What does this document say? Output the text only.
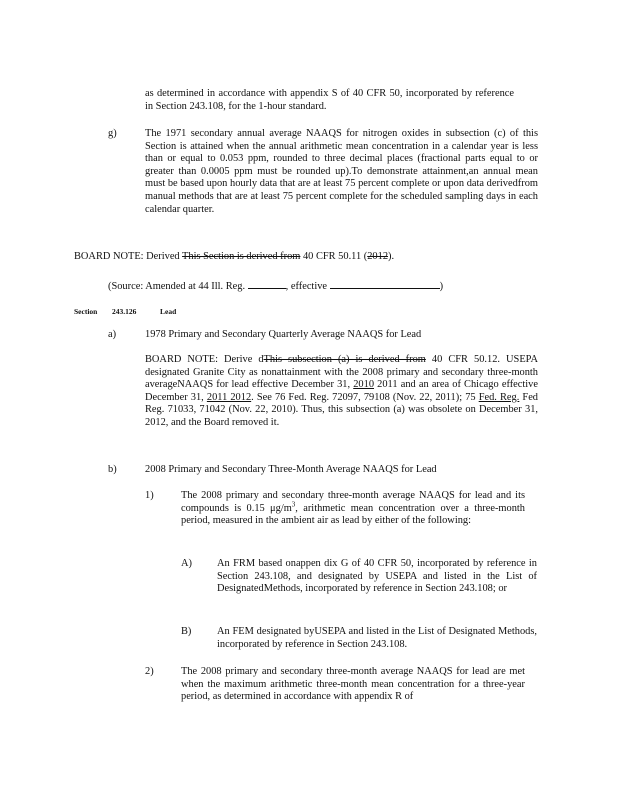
as determined in accordance with appendix S of 40 CFR 50, incorporated by reference in Section 243.108, for the 1-hour standard.

g)	The 1971 secondary annual average NAAQS for nitrogen oxides in subsection (c) of this Section is attained when the annual arithmetic mean concentration in a calendar year is less than or equal to 0.053 ppm, rounded to three decimal places (fractional parts equal to or greater than 0.0005 ppm must be rounded up).To demonstrate attainment,an annual mean must be based upon hourly data that are at least 75 percent complete or upon data derivedfrom manual methods that are at least 75 percent complete for the scheduled sampling days in each calendar quarter.

BOARD NOTE: Derived This Section is derived from 40 CFR 50.11 (2012).

(Source: Amended at 44 Ill. Reg.	, effective	)

Section 243.126	Lead
a)	1978 Primary and Secondary Quarterly Average NAAQS for Lead

BOARD NOTE: Derive dThis subsection (a) is derived from 40 CFR 50.12. USEPA designated Granite City as nonattainment with the 2008 primary and secondary three-month averageNAAQS for lead effective December 31, 2010 2011 and an area of Chicago effective December 31, 2011 2012. See 76 Fed. Reg. 72097, 79108 (Nov. 22, 2011); 75 Fed. Reg. Fed Reg. 71033, 71042 (Nov. 22, 2010). Thus, this subsection (a) was obsolete on December 31, 2012, and the Board removed it.

b)	2008 Primary and Secondary Three-Month Average NAAQS for Lead

1)	The 2008 primary and secondary three-month average NAAQS for lead and its compounds is 0.15 $\mu g/m^3$, arithmetic mean concentration over a three-month period, measured in the ambient air as lead by either of the following:

A) An FRM based onappen dix G of 40 CFR 50, incorporated by reference in Section 243.108, and designated by USEPA and listed in the List of DesignatedMethods, incorporated by reference in Section 243.108; or

B) An FEM designated byUSEPA and listed in the List of Designated Methods, incorporated by reference in Section 243.108.

2)	The 2008 primary and secondary three-month average NAAQS for lead are met when the maximum arithmetic three-month mean concentration for a three-year period, as determined in accordance with appendix R of
